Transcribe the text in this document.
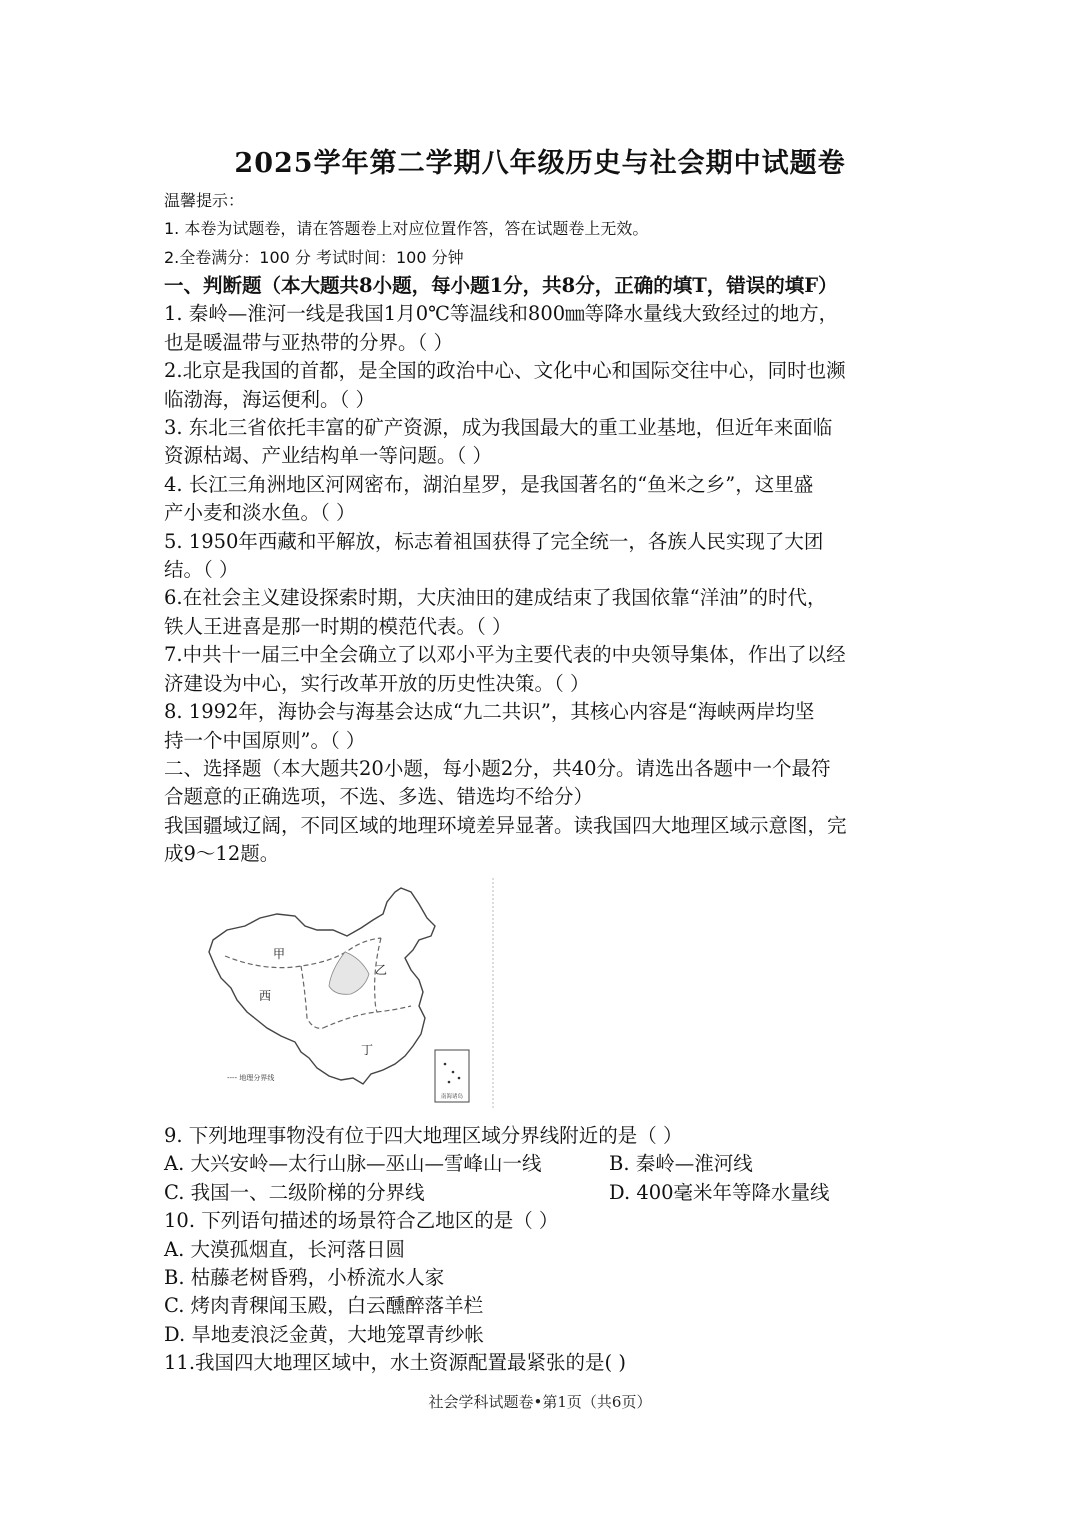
2025学年第二学期八年级历史与社会期中试题卷
温馨提示：
1. 本卷为试题卷，请在答题卷上对应位置作答，答在试题卷上无效。
2.全卷满分：100 分 考试时间：100 分钟
一、判断题（本大题共8小题，每小题1分，共8分，正确的填T，错误的填F）
1. 秦岭—淮河一线是我国1月0℃等温线和800㎜等降水量线大致经过的地方，
也是暖温带与亚热带的分界。（ ）
2.北京是我国的首都，是全国的政治中心、文化中心和国际交往中心，同时也濒
临渤海，海运便利。（ ）
3. 东北三省依托丰富的矿产资源，成为我国最大的重工业基地，但近年来面临
资源枯竭、产业结构单一等问题。（ ）
4. 长江三角洲地区河网密布，湖泊星罗，是我国著名的“鱼米之乡”，这里盛
产小麦和淡水鱼。（ ）
5. 1950年西藏和平解放，标志着祖国获得了完全统一，各族人民实现了大团
结。（ ）
6.在社会主义建设探索时期，大庆油田的建成结束了我国依靠“洋油”的时代，
铁人王进喜是那一时期的模范代表。（ ）
7.中共十一届三中全会确立了以邓小平为主要代表的中央领导集体，作出了以经
济建设为中心，实行改革开放的历史性决策。（ ）
8. 1992年，海协会与海基会达成“九二共识”，其核心内容是“海峡两岸均坚
持一个中国原则”。（ ）
二、选择题（本大题共20小题，每小题2分，共40分。请选出各题中一个最符
合题意的正确选项，不选、多选、错选均不给分）
我国疆域辽阔，不同区域的地理环境差异显著。读我国四大地理区域示意图，完
成9～12题。
甲
乙
西
丁
---- 地理分界线
南海诸岛
9. 下列地理事物没有位于四大地理区域分界线附近的是（ ）
A. 大兴安岭—太行山脉—巫山—雪峰山一线	B. 秦岭—淮河线
C. 我国一、二级阶梯的分界线	D. 400毫米年等降水量线
10. 下列语句描述的场景符合乙地区的是（ ）
A. 大漠孤烟直，长河落日圆
B. 枯藤老树昏鸦，小桥流水人家
C. 烤肉青稞闻玉殿，白云醺醉落羊栏
D. 旱地麦浪泛金黄，大地笼罩青纱帐
11.我国四大地理区域中，水土资源配置最紧张的是( )
社会学科试题卷•第1页（共6页）
